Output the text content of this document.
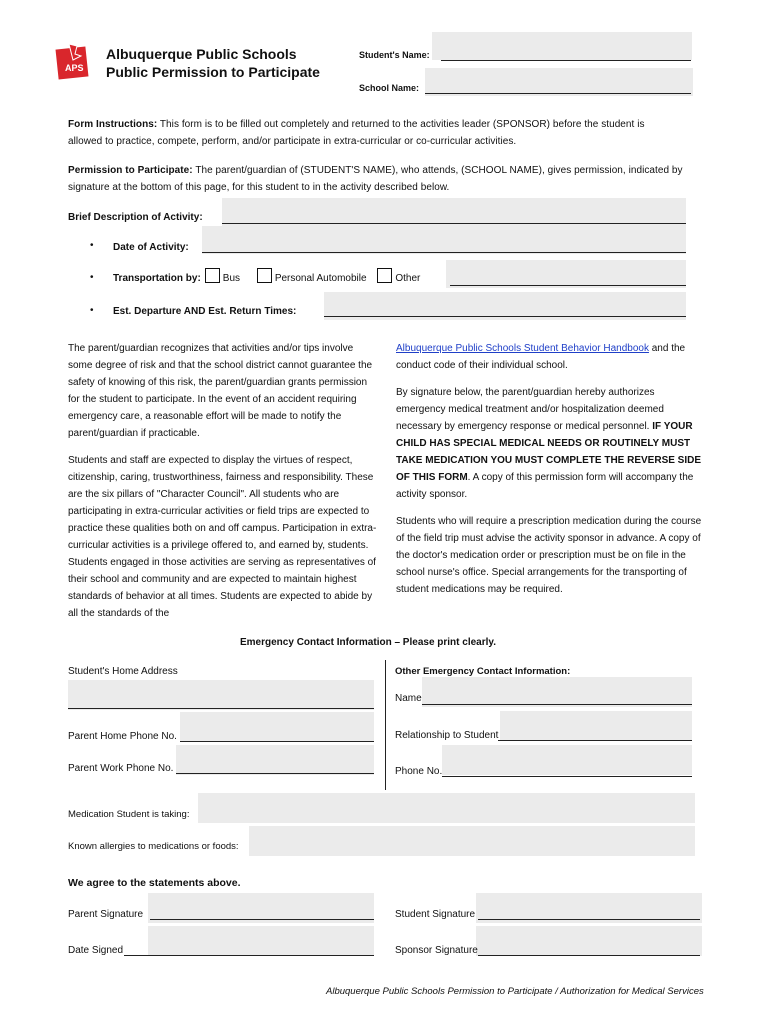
APS
Albuquerque Public Schools
Public Permission to Participate
Student's Name:
School Name:
Form Instructions: This form is to be filled out completely and returned to the activities leader (SPONSOR) before the student is allowed to practice, compete, perform, and/or participate in extra-curricular or co-curricular activities.
Permission to Participate: The parent/guardian of (STUDENT'S NAME), who attends, (SCHOOL NAME), gives permission, indicated by signature at the bottom of this page, for this student to in the activity described below.
Brief Description of Activity:
• Date of Activity:
• Transportation by: Bus	Personal Automobile	Other
• Est. Departure AND Est. Return Times:

The parent/guardian recognizes that activities and/or tips involve some degree of risk and that the school district cannot guarantee the safety of knowing of this risk, the parent/guardian grants permission for the student to participate. In the event of an accident requiring emergency care, a reasonable effort will be made to notify the parent/guardian if practicable.

Students and staff are expected to display the virtues of respect, citizenship, caring, trustworthiness, fairness and responsibility. These are the six pillars of "Character Council". All students who are participating in extra-curricular activities or field trips are expected to practice these qualities both on and off campus. Participation in extra-curricular activities is a privilege offered to, and earned by, students. Students engaged in those activities are serving as representatives of their school and community and are expected to maintain highest standards of behavior at all times. Students are expected to abide by all the standards of the

Albuquerque Public Schools Student Behavior Handbook and the conduct code of their individual school.

By signature below, the parent/guardian hereby authorizes emergency medical treatment and/or hospitalization deemed necessary by emergency response or medical personnel. IF YOUR CHILD HAS SPECIAL MEDICAL NEEDS OR ROUTINELY MUST TAKE MEDICATION YOU MUST COMPLETE THE REVERSE SIDE OF THIS FORM. A copy of this permission form will accompany the activity sponsor.

Students who will require a prescription medication during the course of the field trip must advise the activity sponsor in advance. A copy of the doctor's medication order or prescription must be on file in the school nurse's office. Special arrangements for the transporting of student medications may be required.

Emergency Contact Information – Please print clearly.
Student's Home Address
Parent Home Phone No.
Parent Work Phone No.
Other Emergency Contact Information:
Name
Relationship to Student
Phone No.
Medication Student is taking:
Known allergies to medications or foods:
We agree to the statements above.
Parent Signature	Student Signature
Date Signed	Sponsor Signature
Albuquerque Public Schools Permission to Participate / Authorization for Medical Services
